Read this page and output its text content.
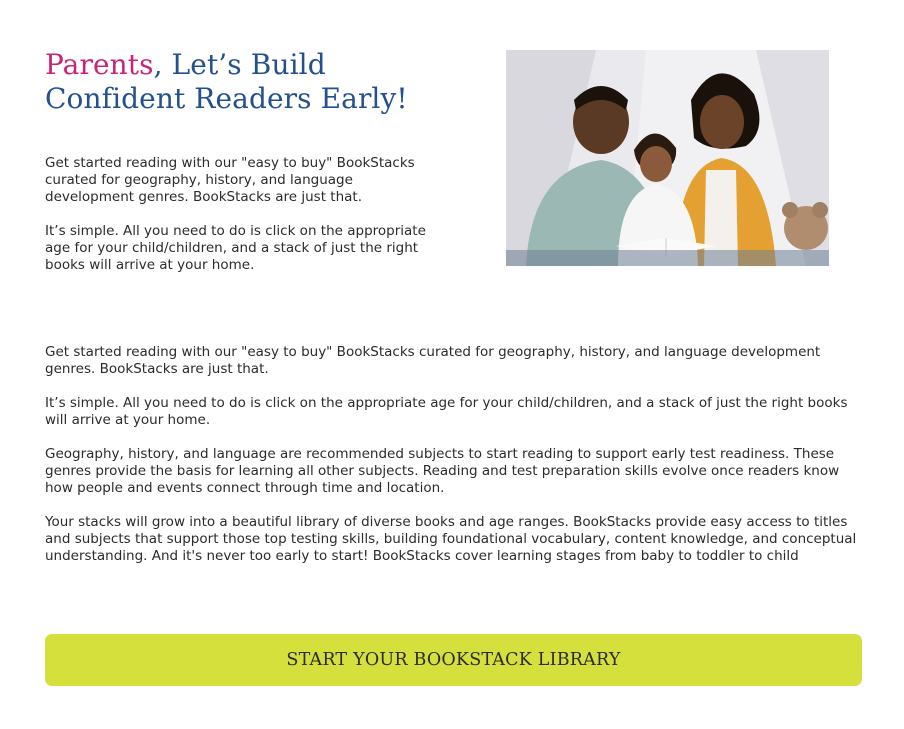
Parents, Let’s Build
Confident Readers Early!

Get started reading with our "easy to buy" BookStacks curated for geography, history, and language development genres. BookStacks are just that.

It’s simple. All you need to do is click on the appropriate age for your child/children, and a stack of just the right books will arrive at your home.

Get started reading with our "easy to buy" BookStacks curated for geography, history, and language development genres. BookStacks are just that.

It’s simple. All you need to do is click on the appropriate age for your child/children, and a stack of just the right books will arrive at your home.

Geography, history, and language are recommended subjects to start reading to support early test readiness. These genres provide the basis for learning all other subjects. Reading and test preparation skills evolve once readers know how people and events connect through time and location.

Your stacks will grow into a beautiful library of diverse books and age ranges. BookStacks provide easy access to titles and subjects that support those top testing skills, building foundational vocabulary, content knowledge, and conceptual understanding. And it's never too early to start! BookStacks cover learning stages from baby to toddler to child

START YOUR BOOKSTACK LIBRARY
